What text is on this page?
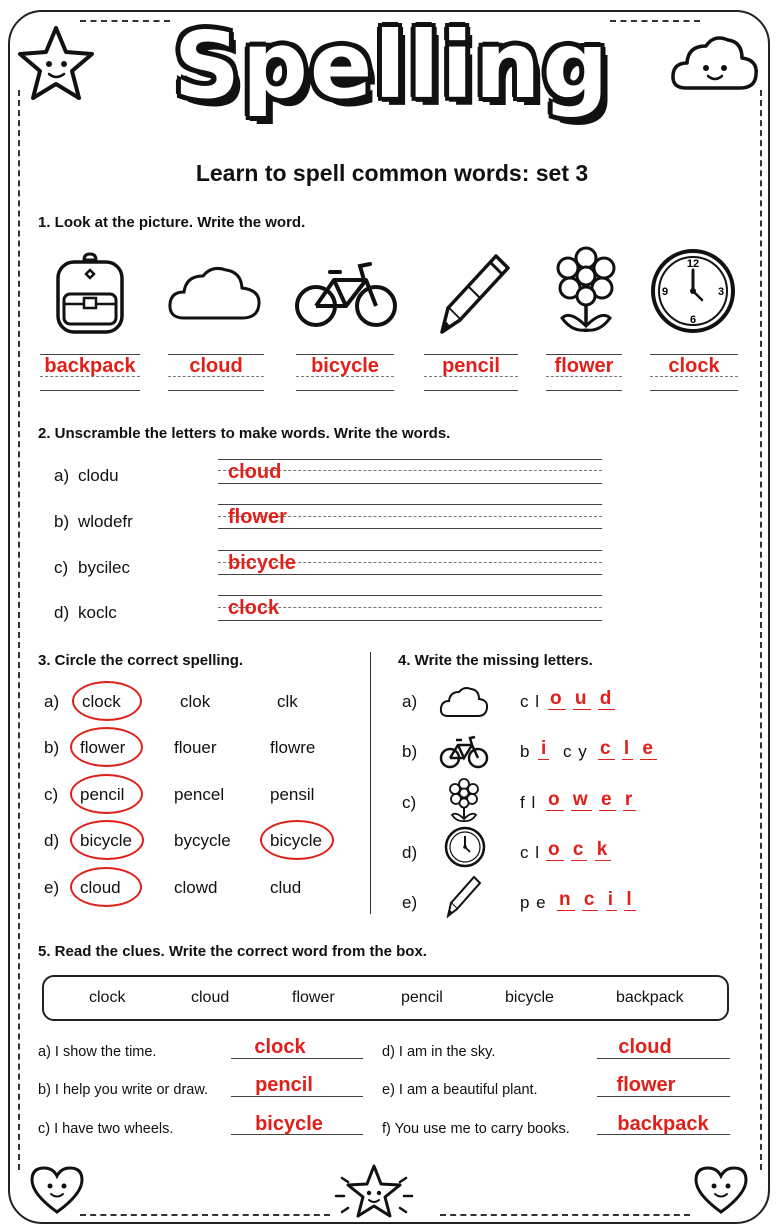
Spelling
Learn to spell common words: set 3
1. Look at the picture. Write the word.
12
3
6
9
backpack	cloud	bicycle	pencil	flower	clock
2. Unscramble the letters to make words. Write the words.
a) clodu	cloud
b) wlodefr	flower
c) bycilec	bicycle
d) koclc	clock
3. Circle the correct spelling.
a) clock	clok	clk
b) flower	flouer	flowre
c) pencil	pencel	pensil
d) bicycle bycycle bicycle
e) cloud	clowd	clud
4. Write the missing letters.
a)	c l o u d
b)	b i c y c l e
c)	f l o w e r
d)	c l o c k
e)	p e n c i l
5. Read the clues. Write the correct word from the box.
clock	cloud	flower	pencil	bicycle	backpack
a) I show the time.	clock
b) I help you write or draw.	pencil
c) I have two wheels.	bicycle
d) I am in the sky.	cloud
e) I am a beautiful plant.	flower
f) You use me to carry books.	backpack
